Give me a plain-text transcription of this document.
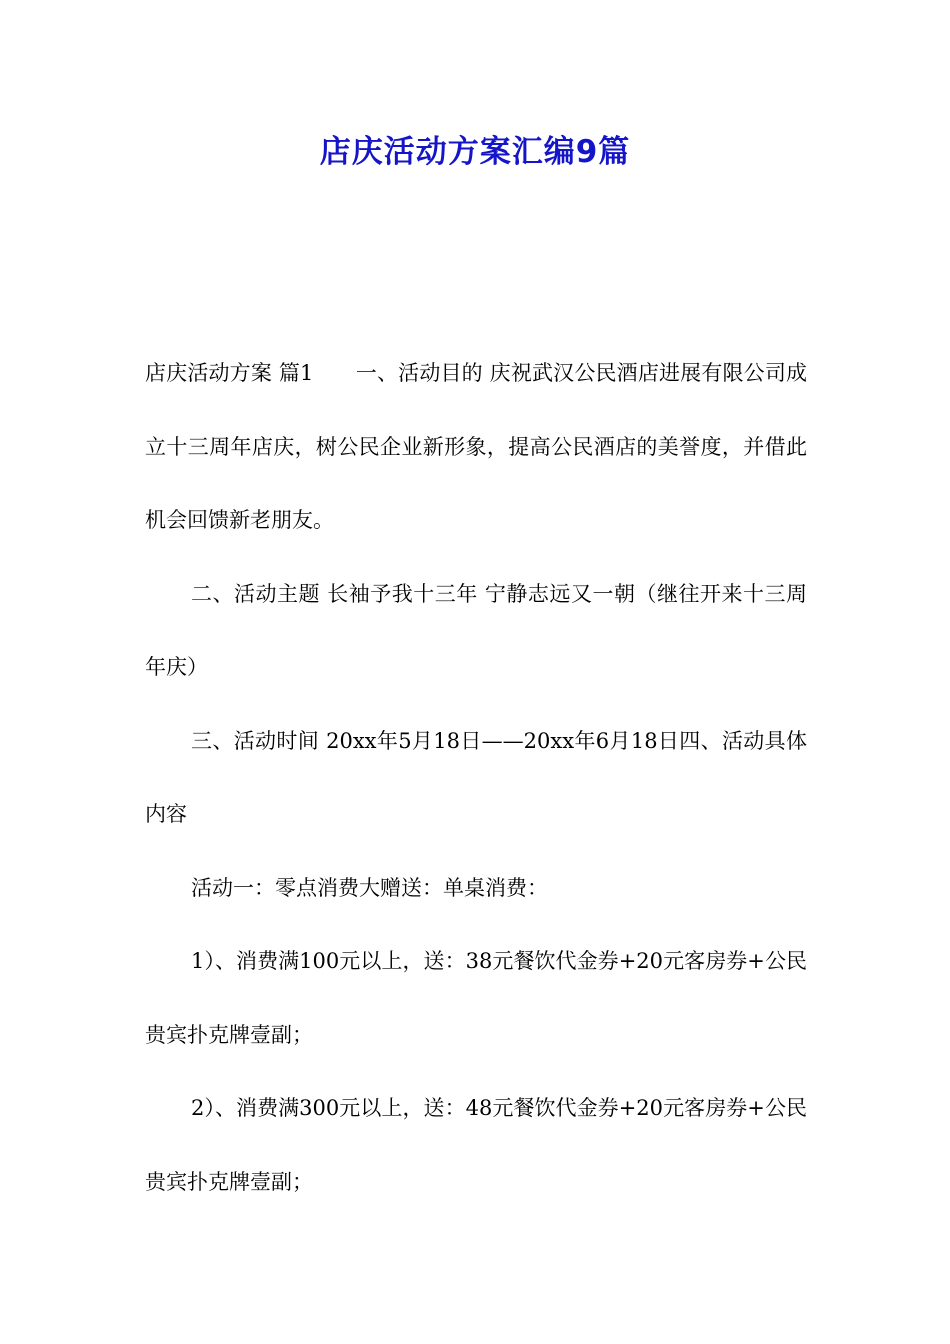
店庆活动方案汇编9篇

店庆活动方案 篇1　　一、活动目的 庆祝武汉公民酒店进展有限公司成立十三周年店庆，树公民企业新形象，提高公民酒店的美誉度，并借此机会回馈新老朋友。

二、活动主题 长袖予我十三年 宁静志远又一朝（继往开来十三周年庆）

三、活动时间 20xx年5月18日——20xx年6月18日四、活动具体内容

活动一：零点消费大赠送：单桌消费：

1）、消费满100元以上，送：38元餐饮代金券+20元客房券+公民贵宾扑克牌壹副；

2）、消费满300元以上，送：48元餐饮代金券+20元客房券+公民贵宾扑克牌壹副；
